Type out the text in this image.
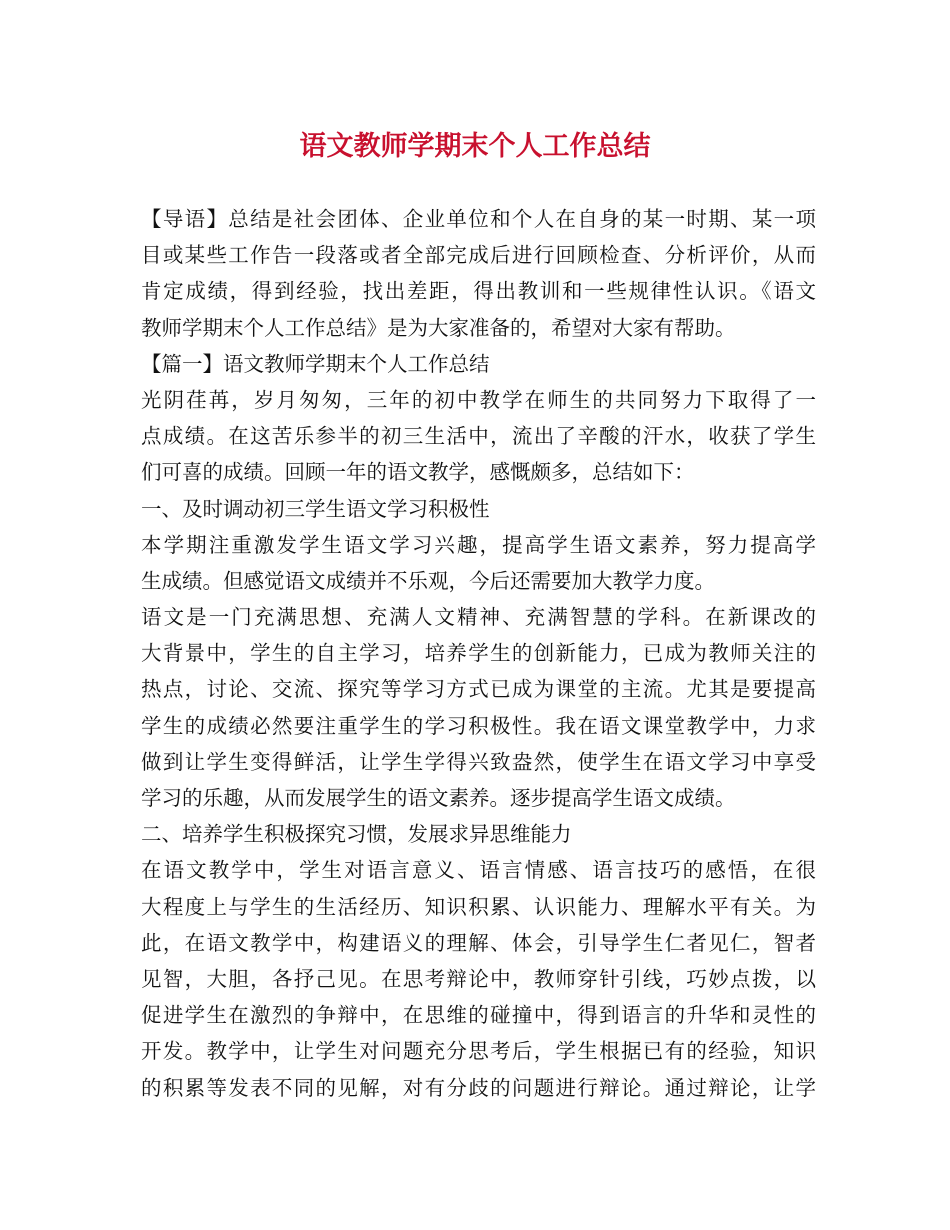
语文教师学期末个人工作总结
【导语】总结是社会团体、企业单位和个人在自身的某一时期、某一项
目或某些工作告一段落或者全部完成后进行回顾检查、分析评价，从而
肯定成绩，得到经验，找出差距，得出教训和一些规律性认识。《语文
教师学期末个人工作总结》是为大家准备的，希望对大家有帮助。
【篇一】语文教师学期末个人工作总结
光阴荏苒，岁月匆匆，三年的初中教学在师生的共同努力下取得了一
点成绩。在这苦乐参半的初三生活中，流出了辛酸的汗水，收获了学生
们可喜的成绩。回顾一年的语文教学，感慨颇多，总结如下：
一、及时调动初三学生语文学习积极性
本学期注重激发学生语文学习兴趣，提高学生语文素养，努力提高学
生成绩。但感觉语文成绩并不乐观，今后还需要加大教学力度。
语文是一门充满思想、充满人文精神、充满智慧的学科。在新课改的
大背景中，学生的自主学习，培养学生的创新能力，已成为教师关注的
热点，讨论、交流、探究等学习方式已成为课堂的主流。尤其是要提高
学生的成绩必然要注重学生的学习积极性。我在语文课堂教学中，力求
做到让学生变得鲜活，让学生学得兴致盎然，使学生在语文学习中享受
学习的乐趣，从而发展学生的语文素养。逐步提高学生语文成绩。
二、培养学生积极探究习惯，发展求异思维能力
在语文教学中，学生对语言意义、语言情感、语言技巧的感悟，在很
大程度上与学生的生活经历、知识积累、认识能力、理解水平有关。为
此，在语文教学中，构建语义的理解、体会，引导学生仁者见仁，智者
见智，大胆，各抒己见。在思考辩论中，教师穿针引线，巧妙点拨，以
促进学生在激烈的争辩中，在思维的碰撞中，得到语言的升华和灵性的
开发。教学中，让学生对问题充分思考后，学生根据已有的经验，知识
的积累等发表不同的见解，对有分歧的问题进行辩论。通过辩论，让学
